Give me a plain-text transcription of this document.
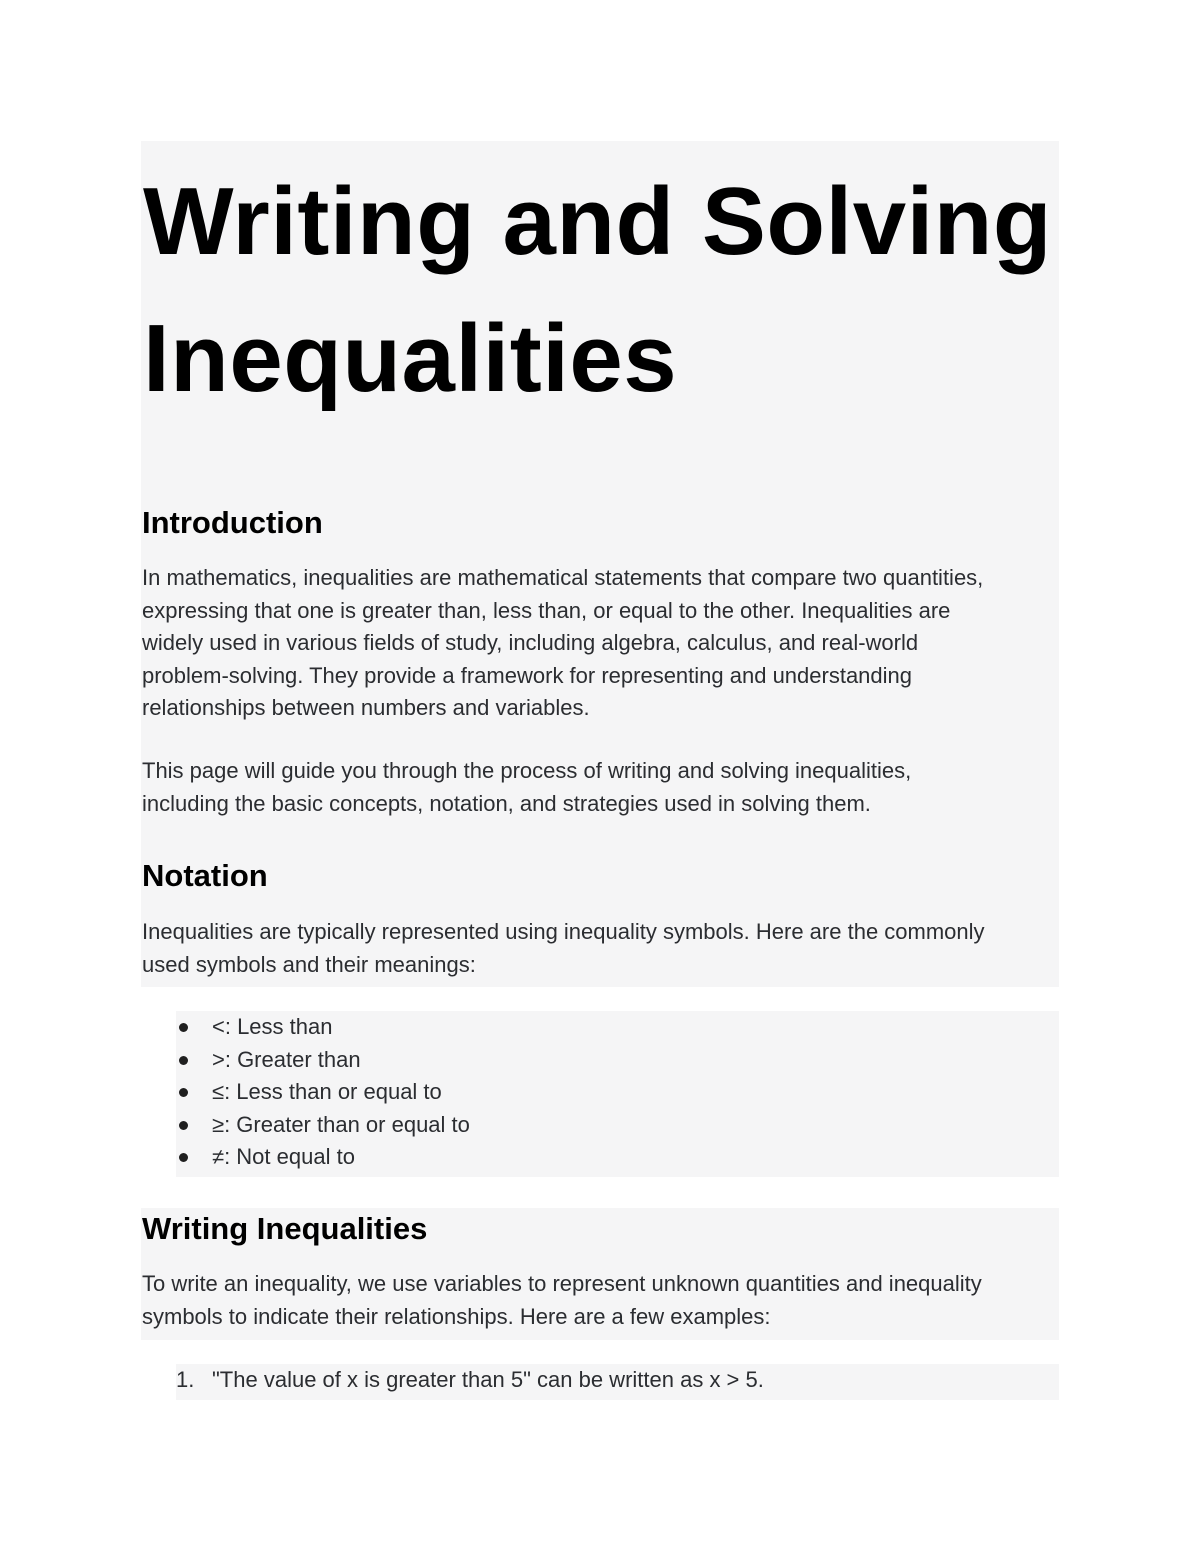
Writing and Solving Inequalities
Introduction

In mathematics, inequalities are mathematical statements that compare two quantities,
expressing that one is greater than, less than, or equal to the other. Inequalities are
widely used in various fields of study, including algebra, calculus, and real-world
problem-solving. They provide a framework for representing and understanding
relationships between numbers and variables.

This page will guide you through the process of writing and solving inequalities,
including the basic concepts, notation, and strategies used in solving them.

Notation

Inequalities are typically represented using inequality symbols. Here are the commonly
used symbols and their meanings:

<: Less than
>: Greater than
≤: Less than or equal to
≥: Greater than or equal to
≠: Not equal to
Writing Inequalities

To write an inequality, we use variables to represent unknown quantities and inequality
symbols to indicate their relationships. Here are a few examples:

1. "The value of x is greater than 5" can be written as x > 5.
